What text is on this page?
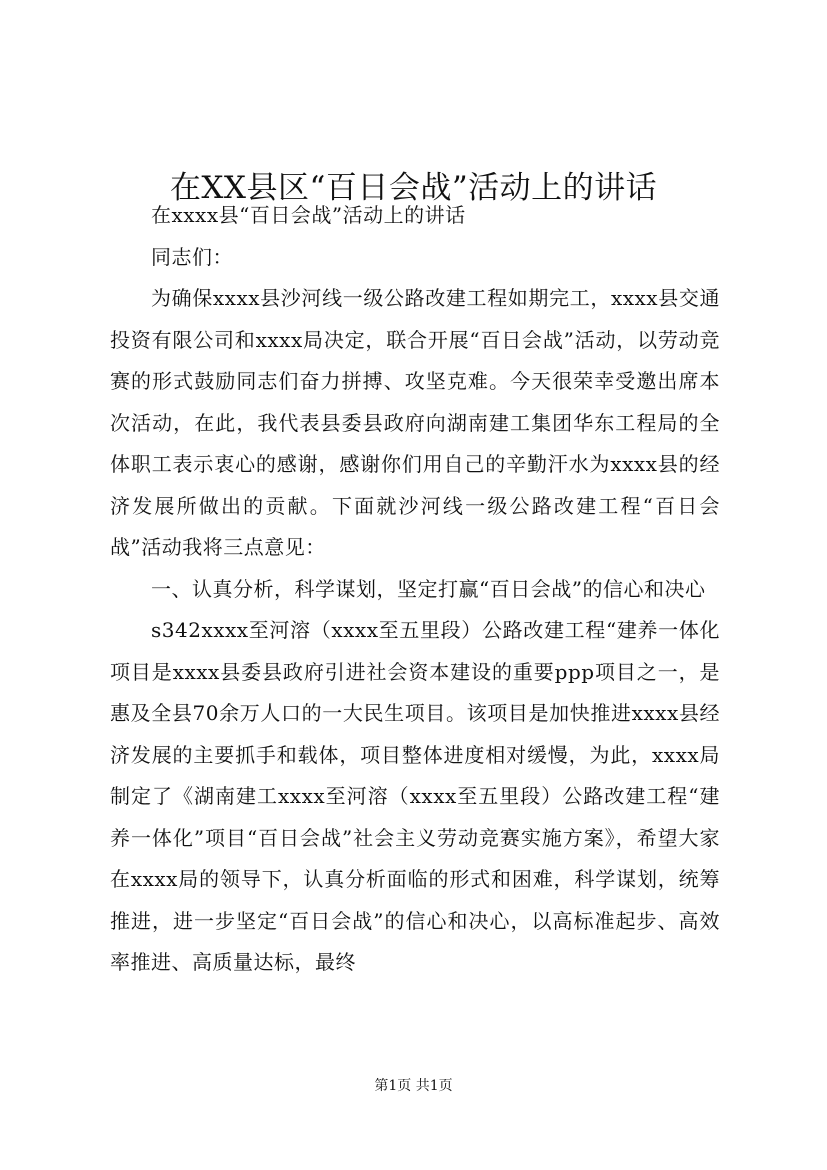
在XX县区“百日会战”活动上的讲话

在xxxx县“百日会战”活动上的讲话

同志们：

为确保xxxx县沙河线一级公路改建工程如期完工，xxxx县交通投资有限公司和xxxx局决定，联合开展“百日会战”活动，以劳动竞赛的形式鼓励同志们奋力拼搏、攻坚克难。今天很荣幸受邀出席本次活动，在此，我代表县委县政府向湖南建工集团华东工程局的全体职工表示衷心的感谢，感谢你们用自己的辛勤汗水为xxxx县的经济发展所做出的贡献。下面就沙河线一级公路改建工程“百日会战”活动我将三点意见：

一、认真分析，科学谋划，坚定打赢“百日会战”的信心和决心

s342xxxx至河溶（xxxx至五里段）公路改建工程“建养一体化项目是xxxx县委县政府引进社会资本建设的重要ppp项目之一，是惠及全县70余万人口的一大民生项目。该项目是加快推进xxxx县经济发展的主要抓手和载体，项目整体进度相对缓慢，为此，xxxx局制定了《湖南建工xxxx至河溶（xxxx至五里段）公路改建工程“建养一体化”项目“百日会战”社会主义劳动竞赛实施方案》，希望大家在xxxx局的领导下，认真分析面临的形式和困难，科学谋划，统筹推进，进一步坚定“百日会战”的信心和决心，以高标准起步、高效率推进、高质量达标，最终

第1页 共1页
